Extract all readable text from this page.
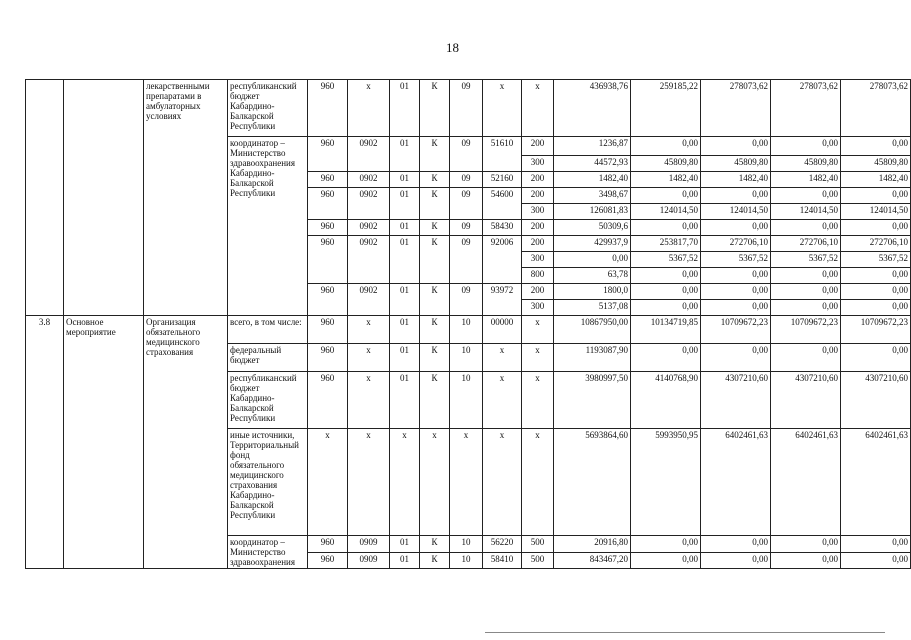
18
		лекарственными препаратами в амбулаторных условиях	республиканский бюджет Кабардино-Балкарской Республики	960	х	01	К	09	х	х	436938,76	259185,22	278073,62	278073,62	278073,62
			координатор – Министерство здравоохранения Кабардино-Балкарской Республики	960	0902	01	К	09	51610	200	1236,87	0,00	0,00	0,00	0,00
										300	44572,93	45809,80	45809,80	45809,80	45809,80
				960	0902	01	К	09	52160	200	1482,40	1482,40	1482,40	1482,40	1482,40
				960	0902	01	К	09	54600	200	3498,67	0,00	0,00	0,00	0,00
										300	126081,83	124014,50	124014,50	124014,50	124014,50
				960	0902	01	К	09	58430	200	50309,6	0,00	0,00	0,00	0,00
				960	0902	01	К	09	92006	200	429937,9	253817,70	272706,10	272706,10	272706,10
										300	0,00	5367,52	5367,52	5367,52	5367,52
										800	63,78	0,00	0,00	0,00	0,00
				960	0902	01	К	09	93972	200	1800,0	0,00	0,00	0,00	0,00
										300	5137,08	0,00	0,00	0,00	0,00
3.8	Основное мероприятие	Организация обязательного медицинского страхования	всего, в том числе:	960	х	01	К	10	00000	х	10867950,00	10134719,85	10709672,23	10709672,23	10709672,23
			федеральный бюджет	960	х	01	К	10	х	х	1193087,90	0,00	0,00	0,00	0,00
			республиканский бюджет Кабардино-Балкарской Республики	960	х	01	К	10	х	х	3980997,50	4140768,90	4307210,60	4307210,60	4307210,60
			иные источники, Территориальный фонд обязательного медицинского страхования Кабардино-Балкарской Республики	х	х	х	х	х	х	х	5693864,60	5993950,95	6402461,63	6402461,63	6402461,63
			координатор – Министерство здравоохранения	960	0909	01	К	10	56220	500	20916,80	0,00	0,00	0,00	0,00
				960	0909	01	К	10	58410	500	843467,20	0,00	0,00	0,00	0,00
